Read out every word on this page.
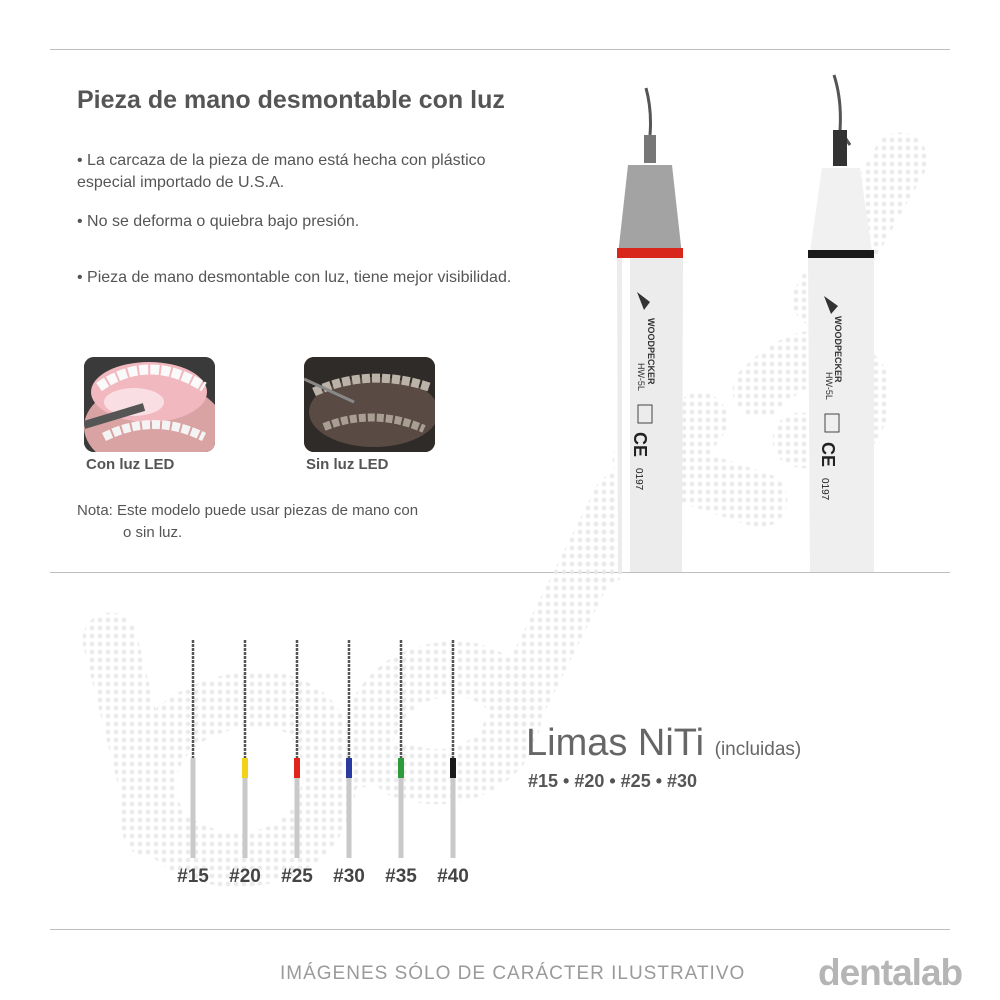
Pieza de mano desmontable con luz
• La carcaza de la pieza de mano está hecha con plástico especial importado de U.S.A.
• No se deforma o quiebra bajo presión.
• Pieza de mano desmontable con luz, tiene mejor visibilidad.
Con luz LED	Sin luz LED
Nota: Este modelo puede usar piezas de mano con
o sin luz.
WOODPECKER
HW-5L
CE
0197
WOODPECKER
HW-5L
CE
0197
#15	#20	#25	#30	#35	#40
Limas NiTi (incluidas)
#15 • #20 • #25 • #30
IMÁGENES SÓLO DE CARÁCTER ILUSTRATIVO dentalab
